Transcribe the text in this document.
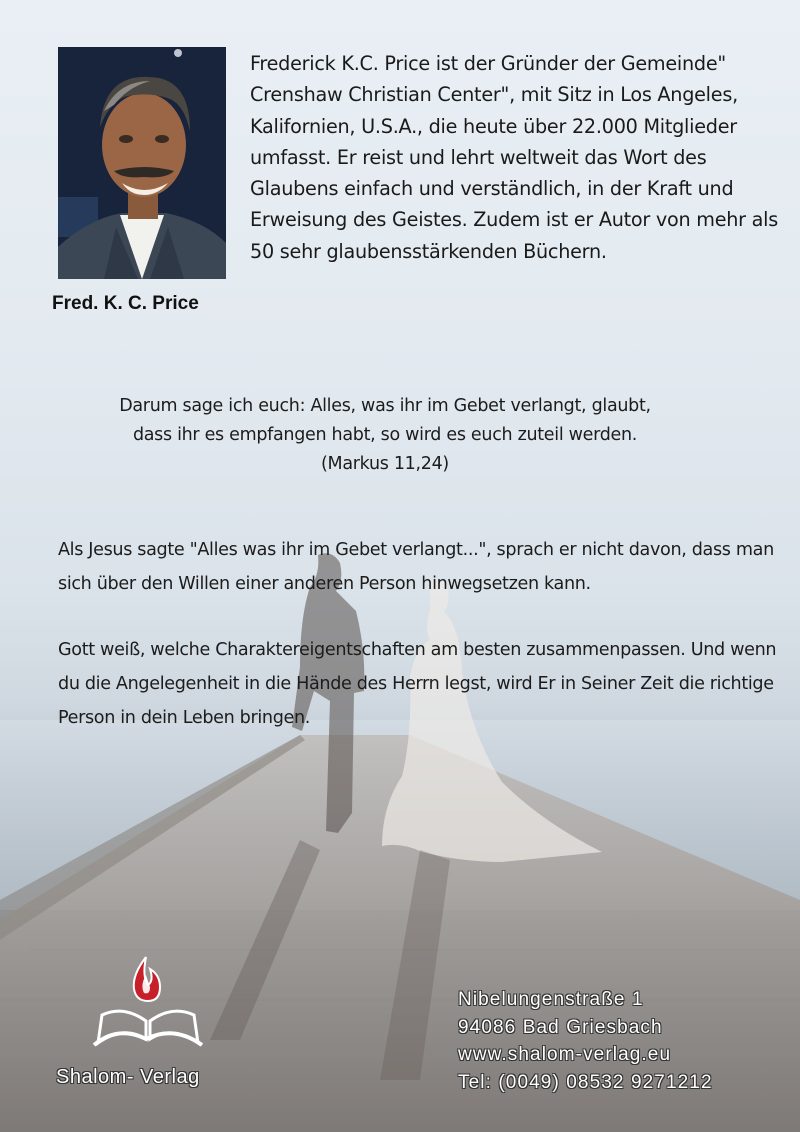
Fred. K. C. Price
Frederick K.C. Price ist der Gründer der Gemeinde" Crenshaw Christian Center", mit Sitz in Los Angeles, Kalifornien, U.S.A., die heute über 22.000 Mitglieder umfasst. Er reist und lehrt weltweit das Wort des Glaubens einfach und verständlich, in der Kraft und Erweisung des Geistes. Zudem ist er Autor von mehr als 50 sehr glaubensstärkenden Büchern.
Darum sage ich euch: Alles, was ihr im Gebet verlangt, glaubt,
dass ihr es empfangen habt, so wird es euch zuteil werden.
(Markus 11,24)
Als Jesus sagte "Alles was ihr im Gebet verlangt...", sprach er nicht davon, dass man sich über den Willen einer anderen Person hinwegsetzen kann.
Gott weiß, welche Charaktereigentschaften am besten zusammenpassen. Und wenn du die Angelegenheit in die Hände des Herrn legst, wird Er in Seiner Zeit die richtige Person in dein Leben bringen.
Shalom- Verlag
Nibelungenstraße 1
94086 Bad Griesbach
www.shalom-verlag.eu
Tel: (0049) 08532 9271212
